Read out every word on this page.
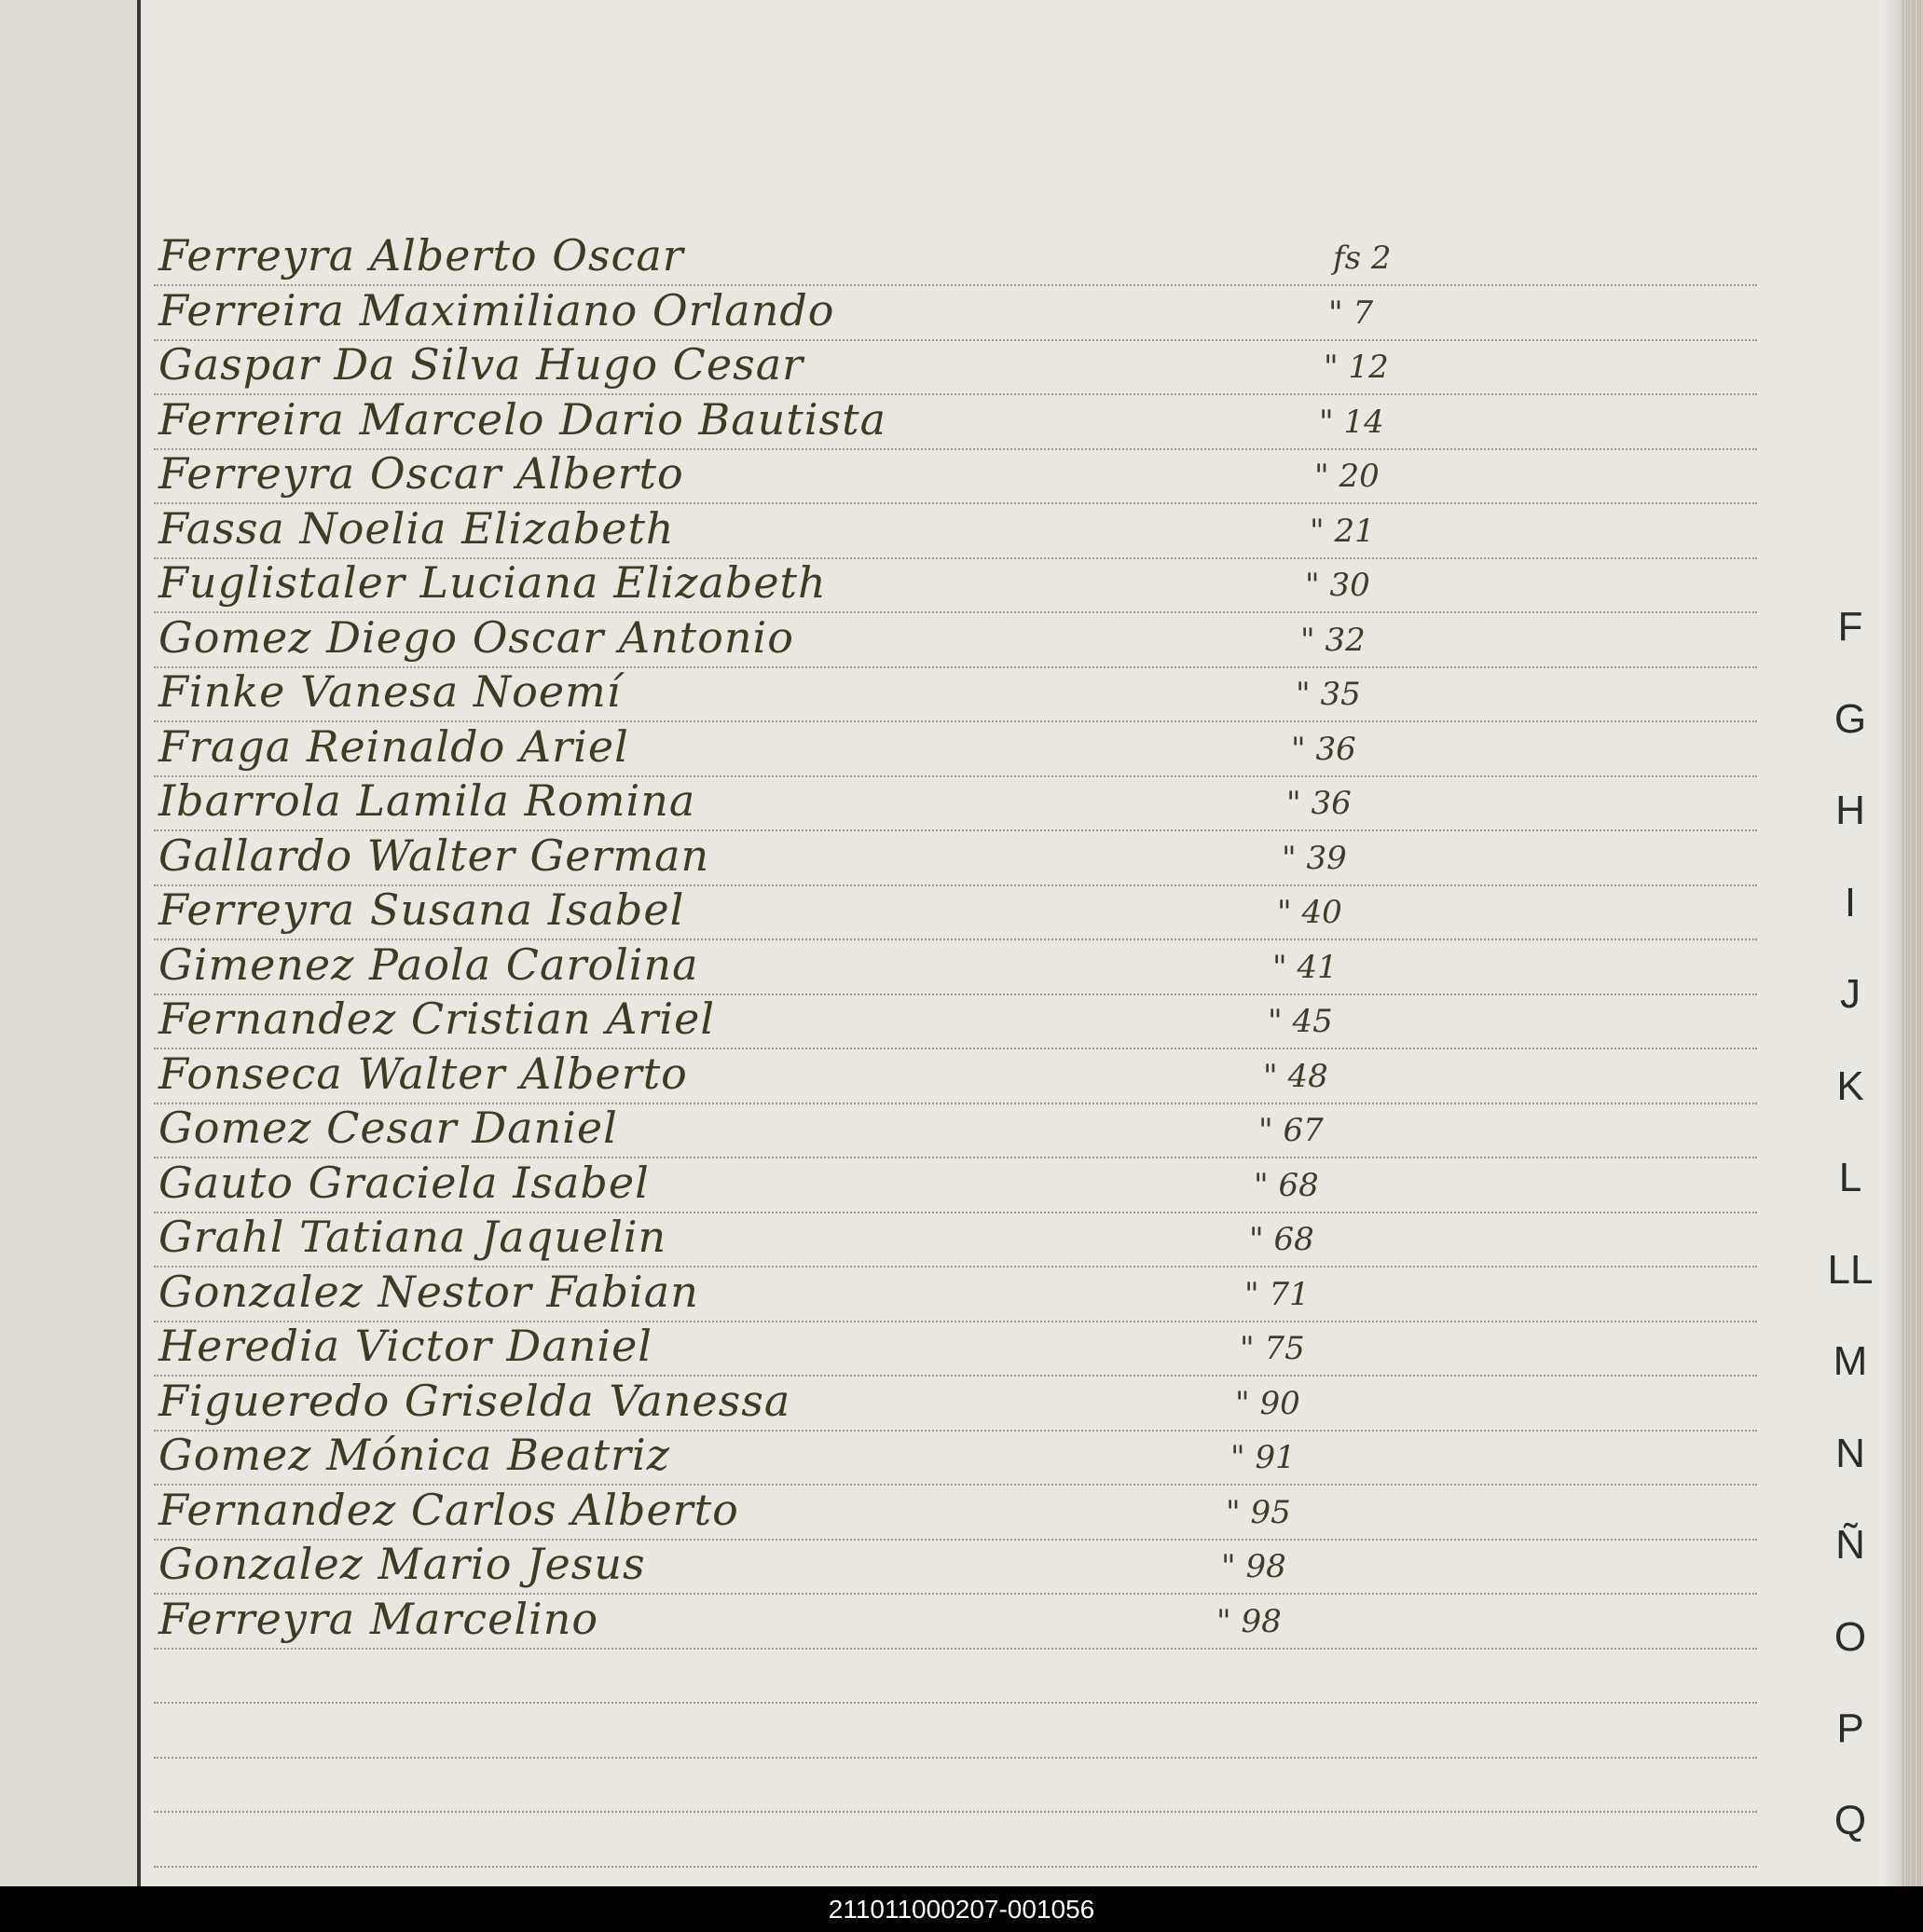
Ferreyra Alberto Oscar	fs 2
Ferreira Maximiliano Orlando	" 7
Gaspar Da Silva Hugo Cesar	" 12
Ferreira Marcelo Dario Bautista	" 14
Ferreyra Oscar Alberto	" 20
Fassa Noelia Elizabeth	" 21
Fuglistaler Luciana Elizabeth	" 30
Gomez Diego Oscar Antonio	" 32
Finke Vanesa Noemí	" 35
Fraga Reinaldo Ariel	" 36
Ibarrola Lamila Romina	" 36
Gallardo Walter German	" 39
Ferreyra Susana Isabel	" 40
Gimenez Paola Carolina	" 41
Fernandez Cristian Ariel	" 45
Fonseca Walter Alberto	" 48
Gomez Cesar Daniel	" 67
Gauto Graciela Isabel	" 68
Grahl Tatiana Jaquelin	" 68
Gonzalez Nestor Fabian	" 71
Heredia Victor Daniel	" 75
Figueredo Griselda Vanessa	" 90
Gomez Mónica Beatriz	" 91
Fernandez Carlos Alberto	" 95
Gonzalez Mario Jesus	" 98
Ferreyra Marcelino	" 98
F
G
H
I
J
K
L
LL
M
N
Ñ
O
P
Q
211011000207-001056
